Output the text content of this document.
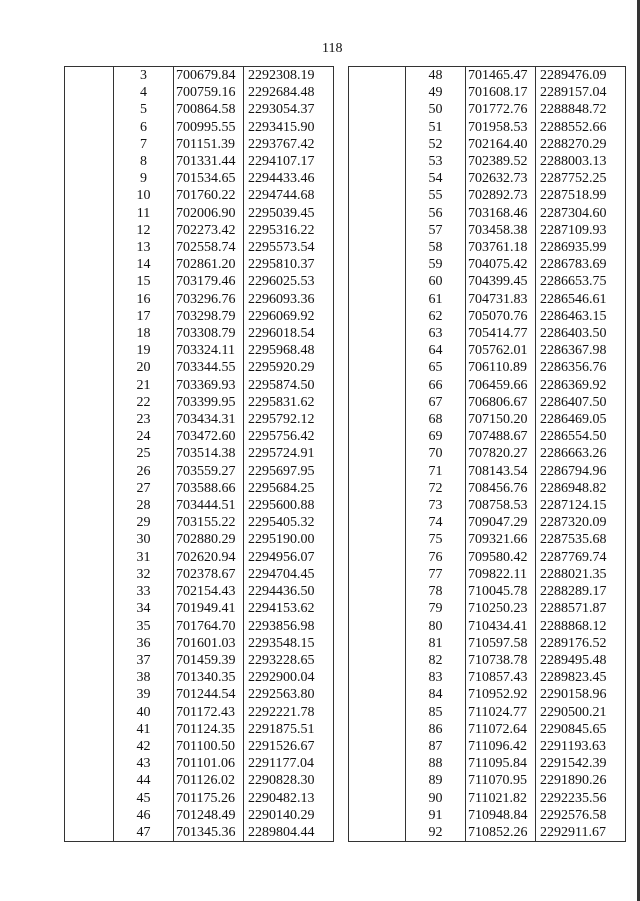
118
	3	700679.84	2292308.19
	4	700759.16	2292684.48
	5	700864.58	2293054.37
	6	700995.55	2293415.90
	7	701151.39	2293767.42
	8	701331.44	2294107.17
	9	701534.65	2294433.46
	10	701760.22	2294744.68
	11	702006.90	2295039.45
	12	702273.42	2295316.22
	13	702558.74	2295573.54
	14	702861.20	2295810.37
	15	703179.46	2296025.53
	16	703296.76	2296093.36
	17	703298.79	2296069.92
	18	703308.79	2296018.54
	19	703324.11	2295968.48
	20	703344.55	2295920.29
	21	703369.93	2295874.50
	22	703399.95	2295831.62
	23	703434.31	2295792.12
	24	703472.60	2295756.42
	25	703514.38	2295724.91
	26	703559.27	2295697.95
	27	703588.66	2295684.25
	28	703444.51	2295600.88
	29	703155.22	2295405.32
	30	702880.29	2295190.00
	31	702620.94	2294956.07
	32	702378.67	2294704.45
	33	702154.43	2294436.50
	34	701949.41	2294153.62
	35	701764.70	2293856.98
	36	701601.03	2293548.15
	37	701459.39	2293228.65
	38	701340.35	2292900.04
	39	701244.54	2292563.80
	40	701172.43	2292221.78
	41	701124.35	2291875.51
	42	701100.50	2291526.67
	43	701101.06	2291177.04
	44	701126.02	2290828.30
	45	701175.26	2290482.13
	46	701248.49	2290140.29
	47	701345.36	2289804.44
	48	701465.47	2289476.09
	49	701608.17	2289157.04
	50	701772.76	2288848.72
	51	701958.53	2288552.66
	52	702164.40	2288270.29
	53	702389.52	2288003.13
	54	702632.73	2287752.25
	55	702892.73	2287518.99
	56	703168.46	2287304.60
	57	703458.38	2287109.93
	58	703761.18	2286935.99
	59	704075.42	2286783.69
	60	704399.45	2286653.75
	61	704731.83	2286546.61
	62	705070.76	2286463.15
	63	705414.77	2286403.50
	64	705762.01	2286367.98
	65	706110.89	2286356.76
	66	706459.66	2286369.92
	67	706806.67	2286407.50
	68	707150.20	2286469.05
	69	707488.67	2286554.50
	70	707820.27	2286663.26
	71	708143.54	2286794.96
	72	708456.76	2286948.82
	73	708758.53	2287124.15
	74	709047.29	2287320.09
	75	709321.66	2287535.68
	76	709580.42	2287769.74
	77	709822.11	2288021.35
	78	710045.78	2288289.17
	79	710250.23	2288571.87
	80	710434.41	2288868.12
	81	710597.58	2289176.52
	82	710738.78	2289495.48
	83	710857.43	2289823.45
	84	710952.92	2290158.96
	85	711024.77	2290500.21
	86	711072.64	2290845.65
	87	711096.42	2291193.63
	88	711095.84	2291542.39
	89	711070.95	2291890.26
	90	711021.82	2292235.56
	91	710948.84	2292576.58
	92	710852.26	2292911.67
